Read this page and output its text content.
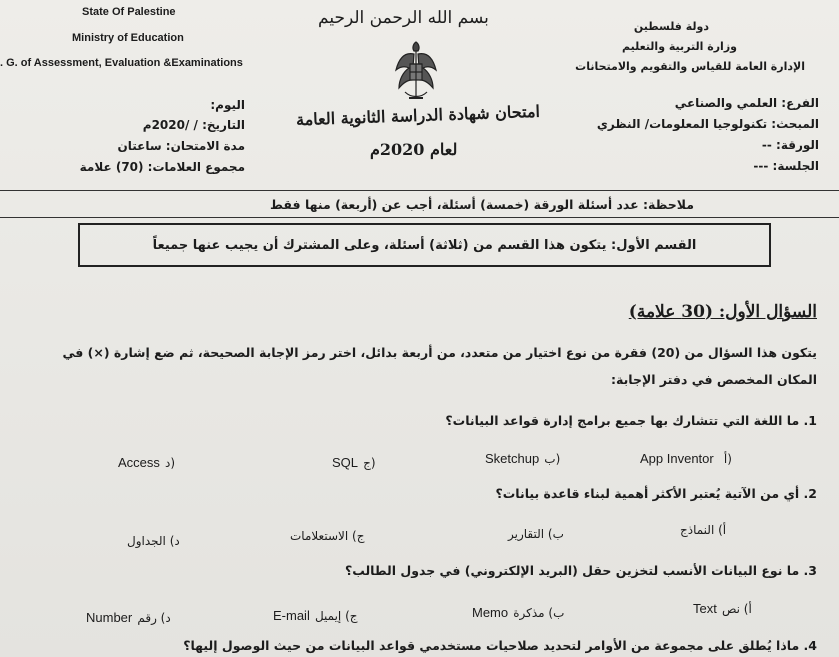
State Of Palestine
Ministry of Education
. G. of Assessment, Evaluation &Examinations
بسم الله الرحمن الرحيم	دولة فلسطين
وزارة التربية والتعليم
الإدارة العامة للقياس والتقويم والامتحانات
اليوم:
التاريخ: / /2020م
مدة الامتحان: ساعتان
مجموع العلامات: (70) علامة
امتحان شهادة الدراسة الثانوية العامة
لعام 2020م
الفرع: العلمي والصناعي
المبحث: تكنولوجيا المعلومات/ النظري
الورقة: --
الجلسة: ---
ملاحظة: عدد أسئلة الورقة (خمسة) أسئلة، أجب عن (أربعة) منها فقط
القسم الأول: يتكون هذا القسم من (ثلاثة) أسئلة، وعلى المشترك أن يجيب عنها جميعاً
السؤال الأول: (30 علامة)
يتكون هذا السؤال من (20) فقرة من نوع اختيار من متعدد، من أربعة بدائل، اختر رمز الإجابة الصحيحة، ثم ضع إشارة (×) في
المكان المخصص في دفتر الإجابة:
1. ما اللغة التي تتشارك بها جميع برامج إدارة قواعد البيانات؟
App Inventor أ)
Sketchup ب)
SQL ج)
Access د)
2. أي من الآتية يُعتبر الأكثر أهمية لبناء قاعدة بيانات؟
أ) النماذج
ب) التقارير
ج) الاستعلامات
د) الجداول
3. ما نوع البيانات الأنسب لتخزين حقل (البريد الإلكتروني) في جدول الطالب؟
Text أ) نص
Memo ب) مذكرة
E-mail ج) إيميل
Number د) رقم
4. ماذا يُطلق على مجموعة من الأوامر لتحديد صلاحيات مستخدمي قواعد البيانات من حيث الوصول إليها؟
